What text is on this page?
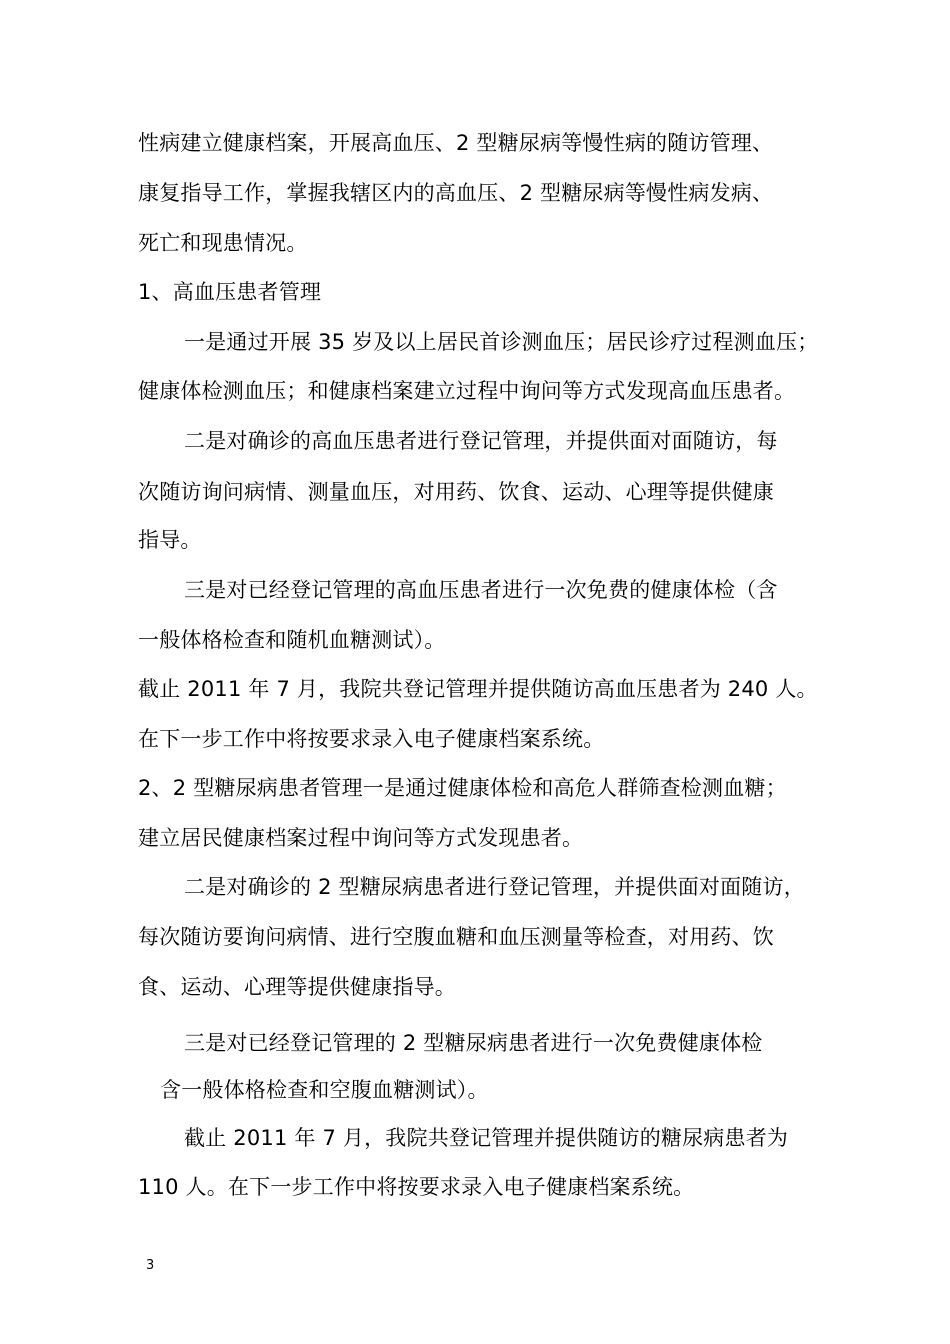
性病建立健康档案，开展高血压、2 型糖尿病等慢性病的随访管理、
康复指导工作，掌握我辖区内的高血压、2 型糖尿病等慢性病发病、
死亡和现患情况。
1、高血压患者管理
一是通过开展 35 岁及以上居民首诊测血压；居民诊疗过程测血压；
健康体检测血压；和健康档案建立过程中询问等方式发现高血压患者。
二是对确诊的高血压患者进行登记管理，并提供面对面随访，每
次随访询问病情、测量血压，对用药、饮食、运动、心理等提供健康
指导。
三是对已经登记管理的高血压患者进行一次免费的健康体检（含
一般体格检查和随机血糖测试）。
截止 2011 年 7 月，我院共登记管理并提供随访高血压患者为 240 人。
在下一步工作中将按要求录入电子健康档案系统。
2、2 型糖尿病患者管理一是通过健康体检和高危人群筛查检测血糖；
建立居民健康档案过程中询问等方式发现患者。
二是对确诊的 2 型糖尿病患者进行登记管理，并提供面对面随访，
每次随访要询问病情、进行空腹血糖和血压测量等检查，对用药、饮
食、运动、心理等提供健康指导。
三是对已经登记管理的 2 型糖尿病患者进行一次免费健康体检
含一般体格检查和空腹血糖测试）。
截止 2011 年 7 月，我院共登记管理并提供随访的糖尿病患者为
110 人。在下一步工作中将按要求录入电子健康档案系统。
3
